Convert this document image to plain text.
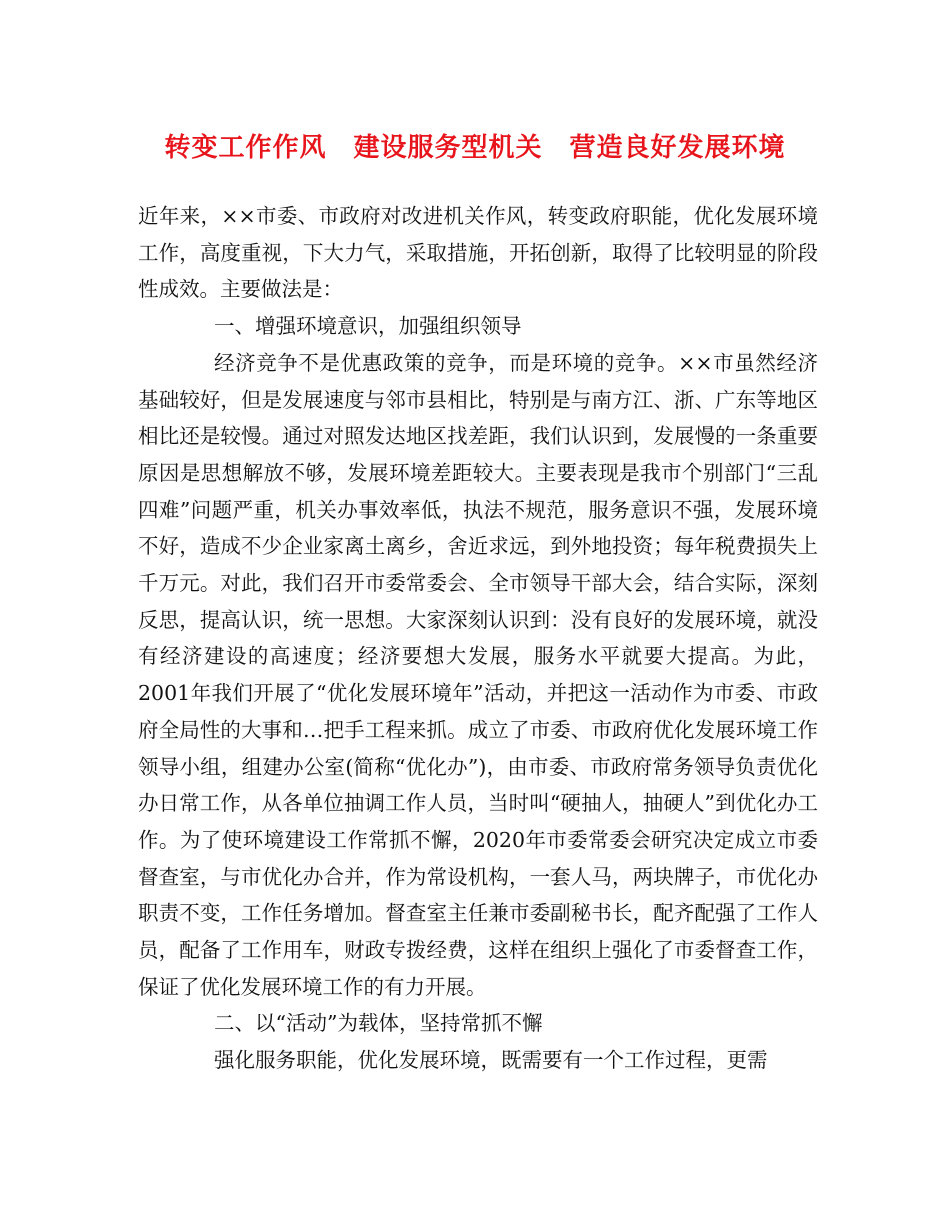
转变工作作风　建设服务型机关　营造良好发展环境

近年来，××市委、市政府对改进机关作风，转变政府职能，优化发展环境工作，高度重视，下大力气，采取措施，开拓创新，取得了比较明显的阶段性成效。主要做法是：

一、增强环境意识，加强组织领导

经济竞争不是优惠政策的竞争，而是环境的竞争。××市虽然经济基础较好，但是发展速度与邻市县相比，特别是与南方江、浙、广东等地区相比还是较慢。通过对照发达地区找差距，我们认识到，发展慢的一条重要原因是思想解放不够，发展环境差距较大。主要表现是我市个别部门“三乱四难”问题严重，机关办事效率低，执法不规范，服务意识不强，发展环境不好，造成不少企业家离土离乡，舍近求远，到外地投资；每年税费损失上千万元。对此，我们召开市委常委会、全市领导干部大会，结合实际，深刻反思，提高认识，统一思想。大家深刻认识到：没有良好的发展环境，就没有经济建设的高速度；经济要想大发展，服务水平就要大提高。为此，2001年我们开展了“优化发展环境年”活动，并把这一活动作为市委、市政府全局性的大事和…把手工程来抓。成立了市委、市政府优化发展环境工作领导小组，组建办公室(简称“优化办”)，由市委、市政府常务领导负责优化办日常工作，从各单位抽调工作人员，当时叫“硬抽人，抽硬人”到优化办工作。为了使环境建设工作常抓不懈，2020年市委常委会研究决定成立市委督查室，与市优化办合并，作为常设机构，一套人马，两块牌子，市优化办职责不变，工作任务增加。督查室主任兼市委副秘书长，配齐配强了工作人员，配备了工作用车，财政专拨经费，这样在组织上强化了市委督查工作，保证了优化发展环境工作的有力开展。

二、以“活动”为载体，坚持常抓不懈

强化服务职能，优化发展环境，既需要有一个工作过程，更需
